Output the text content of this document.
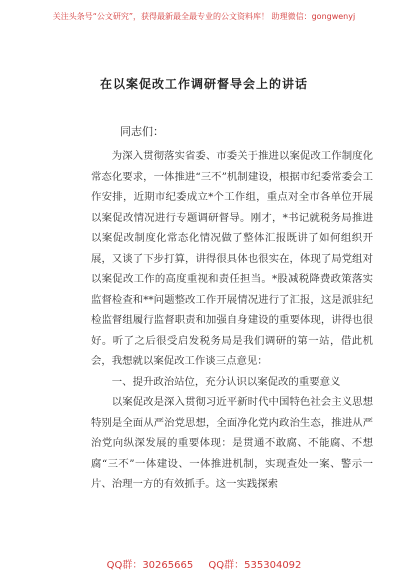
关注头条号“公文研究”，获得最新最全最专业的公文资料库！ 助理微信：gongwenyj
在以案促改工作调研督导会上的讲话
同志们：

为深入贯彻落实省委、市委关于推进以案促改工作制度化常态化要求，一体推进“三不”机制建设，根据市纪委常委会工作安排，近期市纪委成立*个工作组，重点对全市各单位开展以案促改情况进行专题调研督导。刚才，*书记就税务局推进以案促改制度化常态化情况做了整体汇报既讲了如何组织开展，又谈了下步打算，讲得很具体也很实在，体现了局党组对以案促改工作的高度重视和责任担当。*股减税降费政策落实监督检查和**问题整改工作开展情况进行了汇报，这是派驻纪检监督组履行监督职责和加强自身建设的重要体现，讲得也很好。听了之后很受启发税务局是我们调研的第一站，借此机会，我想就以案促改工作谈三点意见：

一、提升政治站位，充分认识以案促改的重要意义

以案促改是深入贯彻习近平新时代中国特色社会主义思想特别是全面从严治党思想，全面净化党内政治生态，推进从严治党向纵深发展的重要体现：是贯通不敢腐、不能腐、不想腐“三不”一体建设、一体推进机制，实现查处一案、警示一片、治理一方的有效抓手。这一实践探索

QQ群：30265665 QQ群：535304092
